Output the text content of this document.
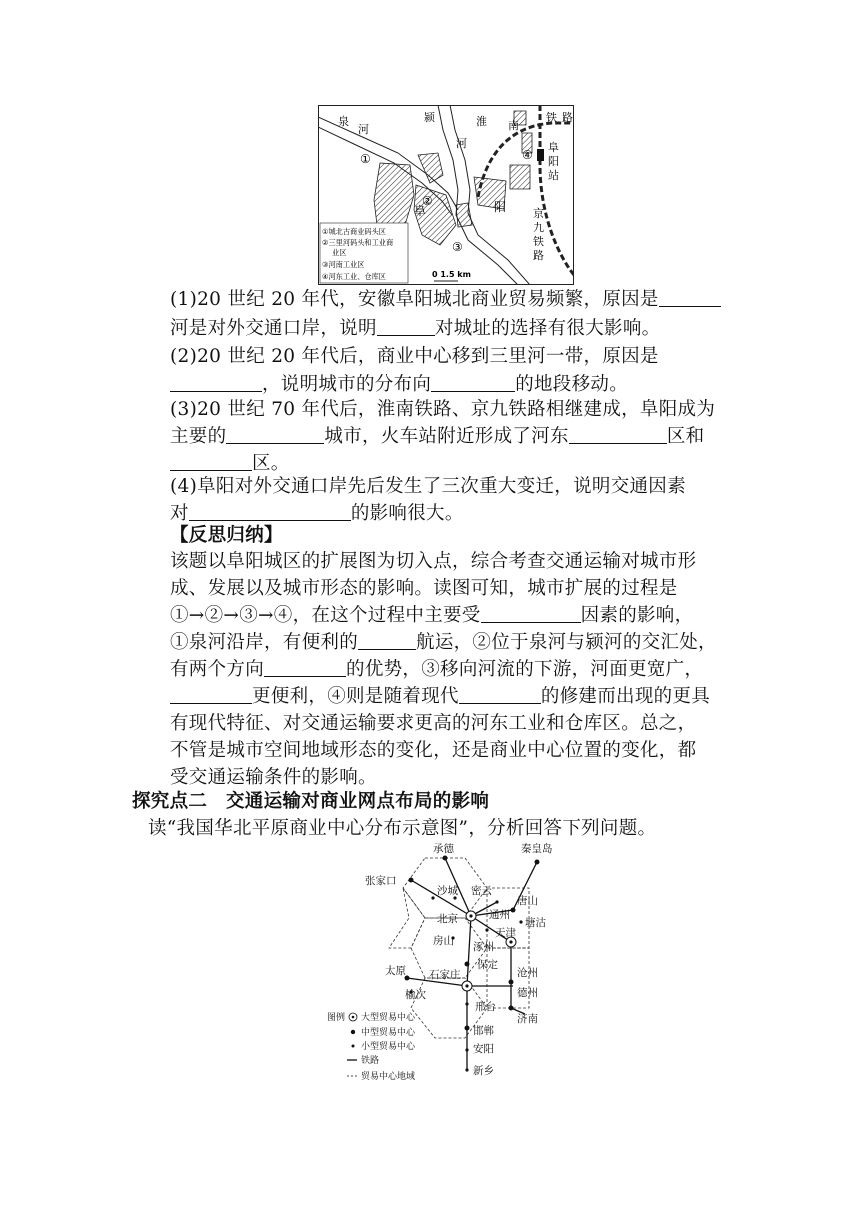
泉
河
颍
河
淮 南
铁 路
阜
阳
站
京
九
铁
路
阜	阳
①
②
③
④
①城北古商业码头区
②三里河码头和工业商
业区
③河南工业区
④河东工业、仓库区	0 1.5 km
(1)20 世纪 20 年代，安徽阜阳城北商业贸易频繁，原因是
河是对外交通口岸，说明	对城址的选择有很大影响。
(2)20 世纪 20 年代后，商业中心移到三里河一带，原因是
，说明城市的分布向	的地段移动。
(3)20 世纪 70 年代后，淮南铁路、京九铁路相继建成，阜阳成为
主要的	城市，火车站附近形成了河东	区和
区。
(4)阜阳对外交通口岸先后发生了三次重大变迁，说明交通因素
对	的影响很大。
【反思归纳】
该题以阜阳城区的扩展图为切入点，综合考查交通运输对城市形
成、发展以及城市形态的影响。读图可知，城市扩展的过程是
①→②→③→④，在这个过程中主要受	因素的影响，
①泉河沿岸，有便利的	航运，②位于泉河与颍河的交汇处，
有两个方向	的优势，③移向河流的下游，河面更宽广，
更便利，④则是随着现代	的修建而出现的更具
有现代特征、对交通运输要求更高的河东工业和仓库区。总之，
不管是城市空间地域形态的变化，还是商业中心位置的变化，都
受交通运输条件的影响。
探究点二　交通运输对商业网点布局的影响
读“我国华北平原商业中心分布示意图”，分析回答下列问题。
承德	秦皇岛
张家口
沙城 密云
唐山
北京	通州
塘沽
天津
房山 涿州
太原 石家庄
保定
沧州
榆次	德州
邢台
济南
邯郸
安阳
新乡
图例 大型贸易中心
中型贸易中心
小型贸易中心
铁路
贸易中心地域
